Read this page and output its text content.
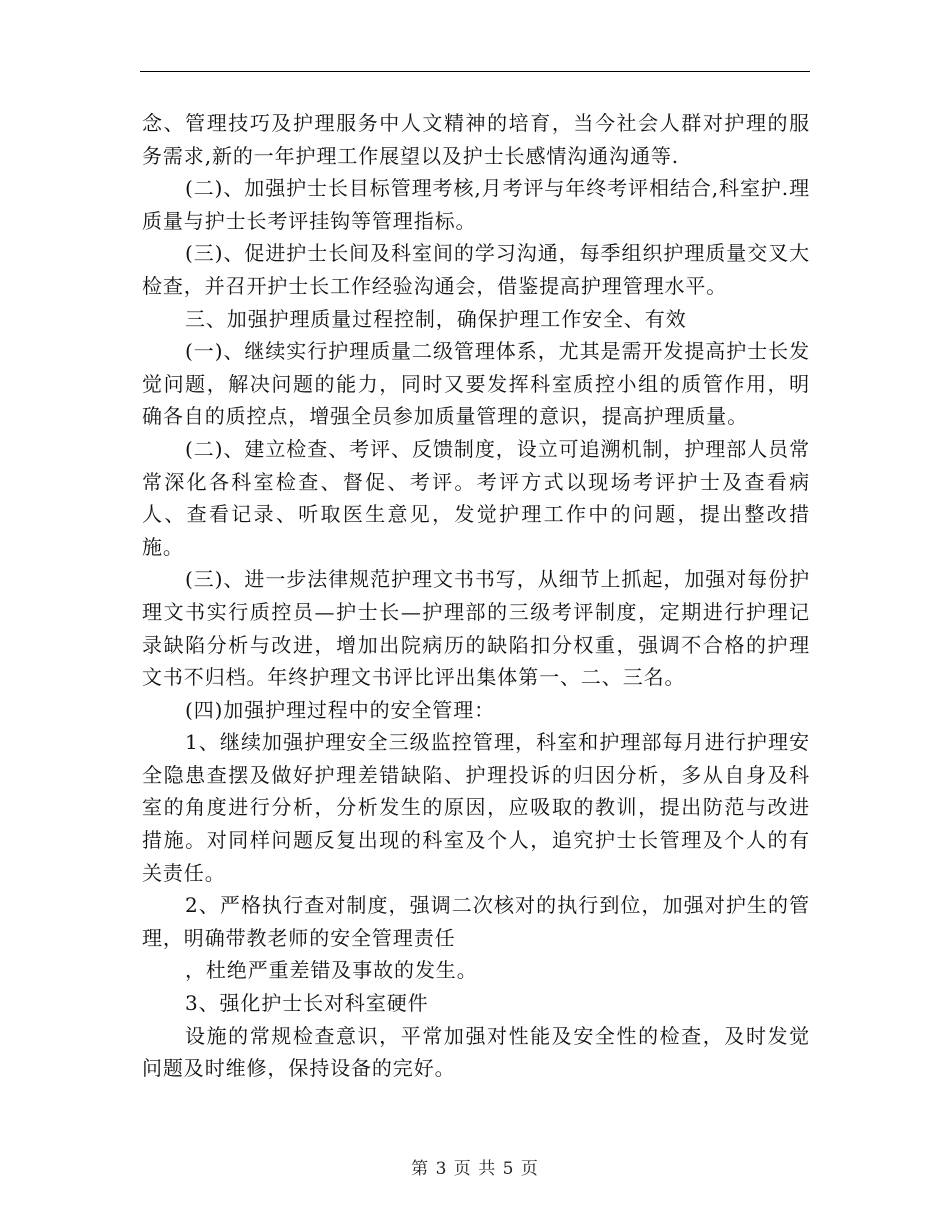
念、管理技巧及护理服务中人文精神的培育，当今社会人群对护理的服务需求,新的一年护理工作展望以及护士长感情沟通沟通等.

(二)、加强护士长目标管理考核,月考评与年终考评相结合,科室护.理质量与护士长考评挂钩等管理指标。

(三)、促进护士长间及科室间的学习沟通，每季组织护理质量交叉大检查，并召开护士长工作经验沟通会，借鉴提高护理管理水平。

三、加强护理质量过程控制，确保护理工作安全、有效

(一)、继续实行护理质量二级管理体系，尤其是需开发提高护士长发觉问题，解决问题的能力，同时又要发挥科室质控小组的质管作用，明确各自的质控点，增强全员参加质量管理的意识，提高护理质量。

(二)、建立检查、考评、反馈制度，设立可追溯机制，护理部人员常常深化各科室检查、督促、考评。考评方式以现场考评护士及查看病人、查看记录、听取医生意见，发觉护理工作中的问题，提出整改措施。

(三)、进一步法律规范护理文书书写，从细节上抓起，加强对每份护理文书实行质控员—护士长—护理部的三级考评制度，定期进行护理记录缺陷分析与改进，增加出院病历的缺陷扣分权重，强调不合格的护理文书不归档。年终护理文书评比评出集体第一、二、三名。

(四)加强护理过程中的安全管理：

1、继续加强护理安全三级监控管理，科室和护理部每月进行护理安全隐患查摆及做好护理差错缺陷、护理投诉的归因分析，多从自身及科室的角度进行分析，分析发生的原因，应吸取的教训，提出防范与改进措施。对同样问题反复出现的科室及个人，追究护士长管理及个人的有关责任。

2、严格执行查对制度，强调二次核对的执行到位，加强对护生的管理，明确带教老师的安全管理责任

，杜绝严重差错及事故的发生。

3、强化护士长对科室硬件

设施的常规检查意识，平常加强对性能及安全性的检查，及时发觉问题及时维修，保持设备的完好。

第 3 页 共 5 页
